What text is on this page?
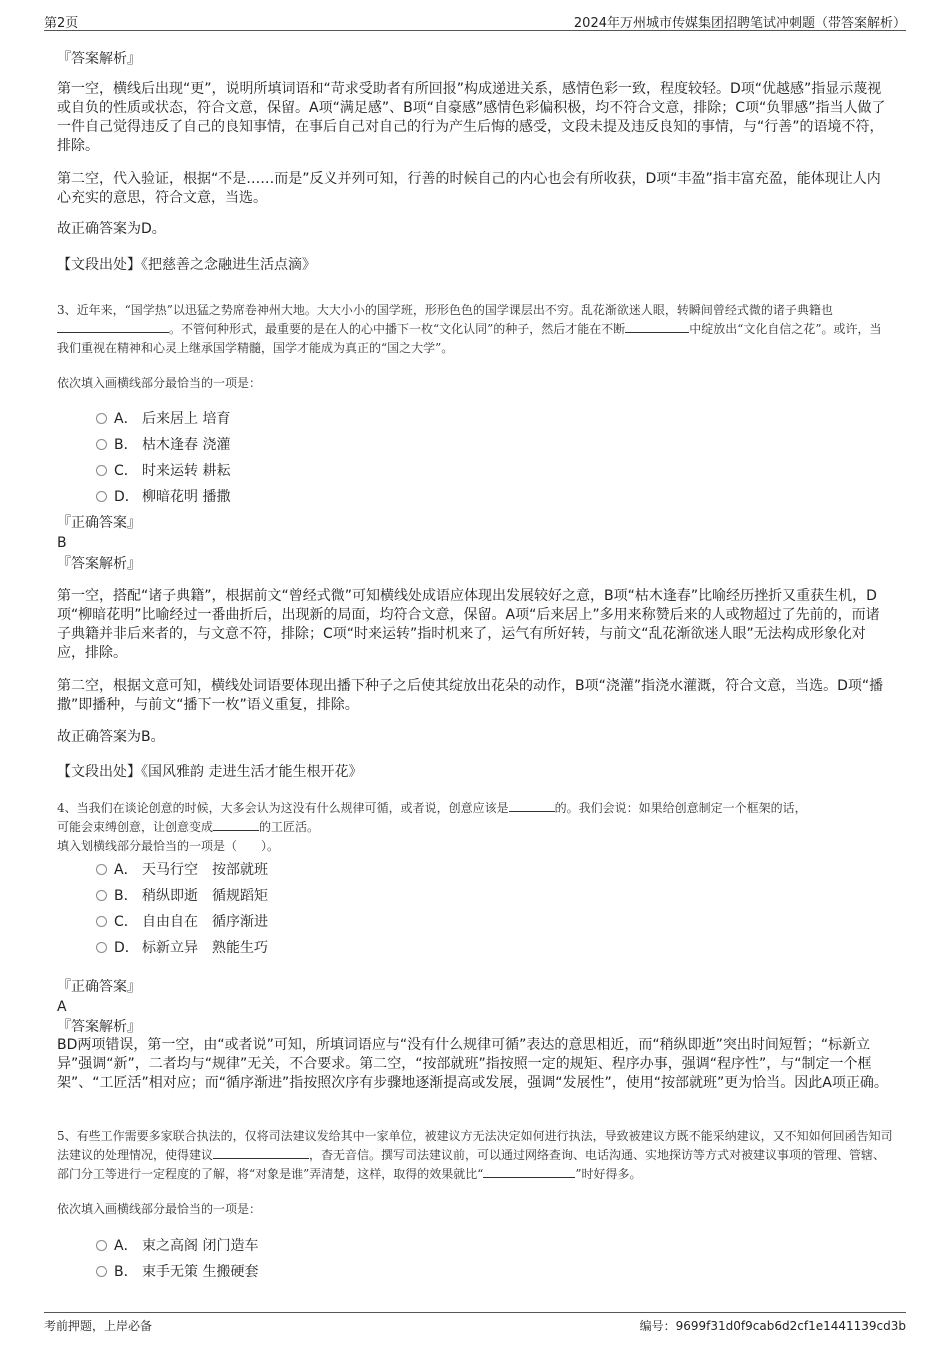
第2页	2024年万州城市传媒集团招聘笔试冲刺题（带答案解析）
『答案解析』

第一空，横线后出现“更”，说明所填词语和“苛求受助者有所回报”构成递进关系，感情色彩一致，程度较轻。D项“优越感”指显示蔑视或自负的性质或状态，符合文意，保留。A项“满足感”、B项“自豪感”感情色彩偏积极，均不符合文意，排除；C项“负罪感”指当人做了一件自己觉得违反了自己的良知事情，在事后自己对自己的行为产生后悔的感受，文段未提及违反良知的事情，与“行善”的语境不符，排除。

第二空，代入验证，根据“不是……而是”反义并列可知，行善的时候自己的内心也会有所收获，D项“丰盈”指丰富充盈，能体现让人内心充实的意思，符合文意，当选。

故正确答案为D。
【文段出处】《把慈善之念融进生活点滴》

3、近年来，“国学热”以迅猛之势席卷神州大地。大大小小的国学班，形形色色的国学课层出不穷。乱花渐欲迷人眼，转瞬间曾经式微的诸子典籍也。不管何种形式，最重要的是在人的心中播下一枚“文化认同”的种子，然后才能在不断	中绽放出“文化自信之花”。或许，当我们重视在精神和心灵上继承国学精髓，国学才能成为真正的“国之大学”。

依次填入画横线部分最恰当的一项是：
A． 后来居上 培育
B． 枯木逢春 浇灌
C． 时来运转 耕耘
D． 柳暗花明 播撒
『正确答案』
B
『答案解析』

第一空，搭配“诸子典籍”，根据前文“曾经式微”可知横线处成语应体现出发展较好之意，B项“枯木逢春”比喻经历挫折又重获生机，D项“柳暗花明”比喻经过一番曲折后，出现新的局面，均符合文意，保留。A项“后来居上”多用来称赞后来的人或物超过了先前的，而诸子典籍并非后来者的，与文意不符，排除；C项“时来运转”指时机来了，运气有所好转，与前文“乱花渐欲迷人眼”无法构成形象化对应，排除。

第二空，根据文意可知，横线处词语要体现出播下种子之后使其绽放出花朵的动作，B项“浇灌”指浇水灌溉，符合文意，当选。D项“播撒”即播种，与前文“播下一枚”语义重复，排除。

故正确答案为B。
【文段出处】《国风雅韵 走进生活才能生根开花》

4、当我们在谈论创意的时候，大多会认为这没有什么规律可循，或者说，创意应该是	的。我们会说：如果给创意制定一个框架的话，
可能会束缚创意，让创意变成	的工匠活。

填入划横线部分最恰当的一项是（　　）。
A． 天马行空　按部就班
B． 稍纵即逝　循规蹈矩
C． 自由自在　循序渐进
D． 标新立异　熟能生巧
『正确答案』
A
『答案解析』

BD两项错误，第一空，由“或者说”可知，所填词语应与“没有什么规律可循”表达的意思相近，而“稍纵即逝”突出时间短暂；“标新立异”强调“新”，二者均与“规律”无关，不合要求。第二空，“按部就班”指按照一定的规矩、程序办事，强调“程序性”，与“制定一个框架”、“工匠活”相对应；而“循序渐进”指按照次序有步骤地逐渐提高或发展，强调“发展性”，使用“按部就班”更为恰当。因此A项正确。

5、有些工作需要多家联合执法的，仅将司法建议发给其中一家单位，被建议方无法决定如何进行执法，导致被建议方既不能采纳建议，又不知如何回函告知司法建议的处理情况，使得建议	，杳无音信。撰写司法建议前，可以通过网络查询、电话沟通、实地探访等方式对被建议事项的管理、管辖、部门分工等进行一定程度的了解，将“对象是谁”弄清楚，这样，取得的效果就比“	”时好得多。

依次填入画横线部分最恰当的一项是：
A． 束之高阁 闭门造车
B． 束手无策 生搬硬套
考前押题，上岸必备	编号：9699f31d0f9cab6d2cf1e1441139cd3b
